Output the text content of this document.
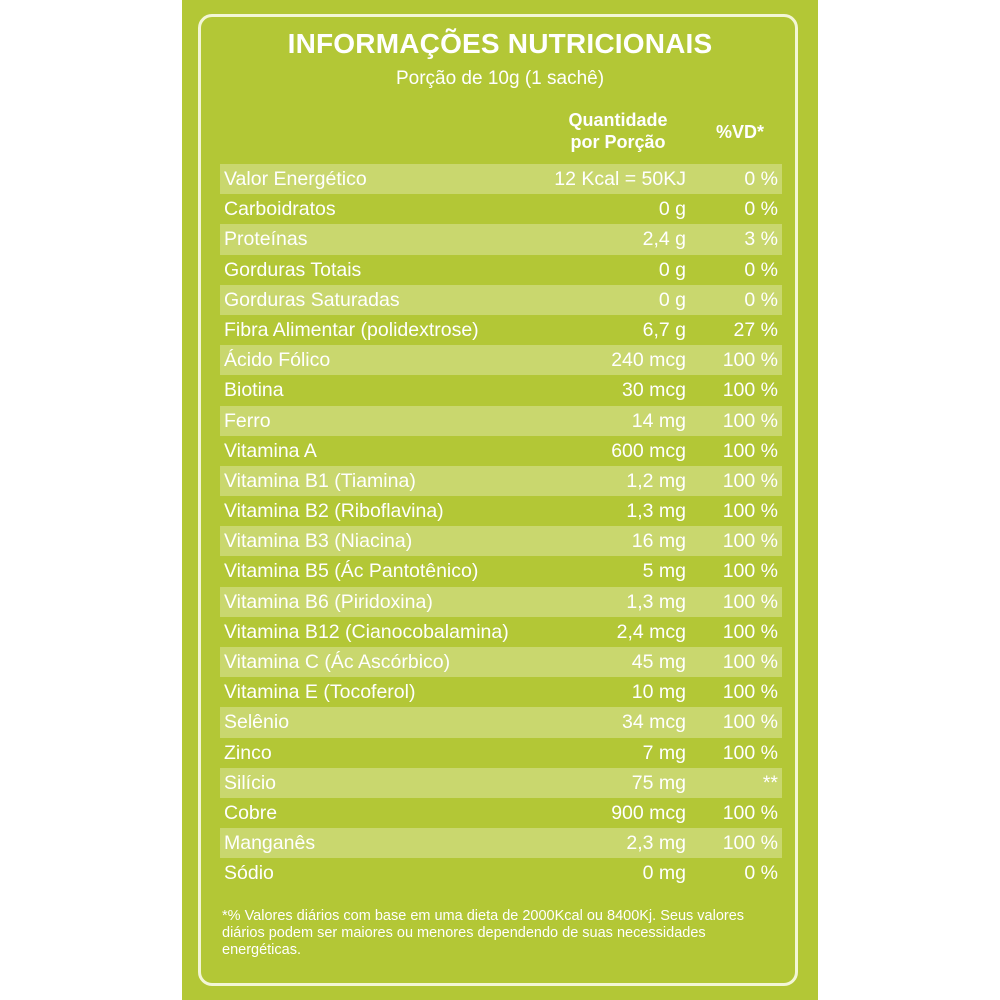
INFORMAÇÕES NUTRICIONAIS
Porção de 10g (1 sachê)
Quantidade
por Porção	%VD*
Valor Energético	12 Kcal = 50KJ	0 %
Carboidratos	0 g	0 %
Proteínas	2,4 g	3 %
Gorduras Totais	0 g	0 %
Gorduras Saturadas	0 g	0 %
Fibra Alimentar (polidextrose)	6,7 g 27 %
Ácido Fólico	240 mcg 100 %
Biotina	30 mcg 100 %
Ferro	14 mg 100 %
Vitamina A	600 mcg 100 %
Vitamina B1 (Tiamina)	1,2 mg 100 %
Vitamina B2 (Riboflavina)	1,3 mg 100 %
Vitamina B3 (Niacina)	16 mg 100 %
Vitamina B5 (Ác Pantotênico)	5 mg 100 %
Vitamina B6 (Piridoxina)	1,3 mg 100 %
Vitamina B12 (Cianocobalamina)	2,4 mcg 100 %
Vitamina C (Ác Ascórbico)	45 mg 100 %
Vitamina E (Tocoferol)	10 mg 100 %
Selênio	34 mcg 100 %
Zinco	7 mg 100 %
Silício	75 mg	**
Cobre	900 mcg 100 %
Manganês	2,3 mg 100 %
Sódio	0 mg	0 %
*% Valores diários com base em uma dieta de 2000Kcal ou 8400Kj. Seus valores diários podem ser maiores ou menores dependendo de suas necessidades energéticas.
